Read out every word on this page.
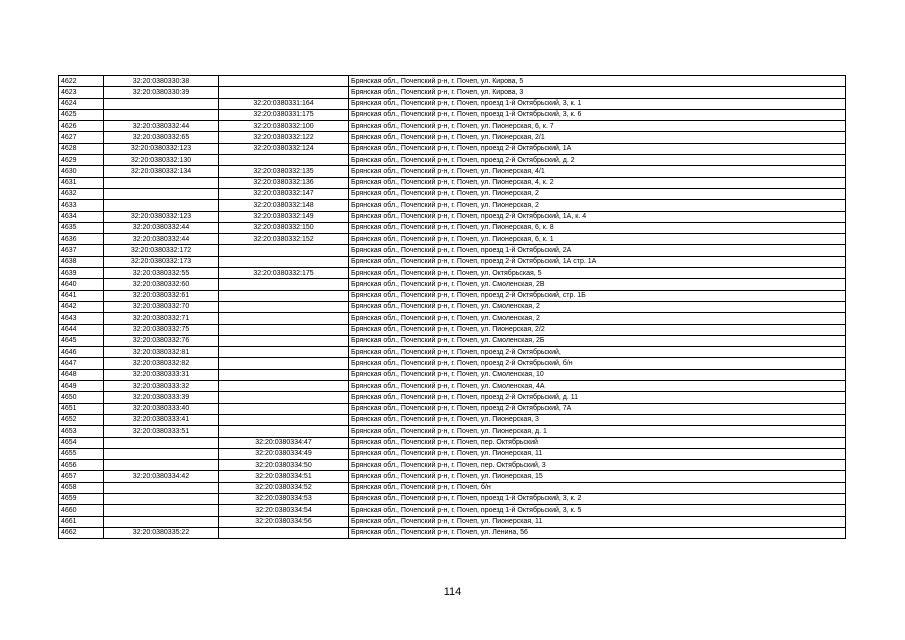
4622	32:20:0380330:38		Брянская обл., Почепский р-н, г. Почеп, ул. Кирова, 5
4623	32:20:0380330:39		Брянская обл., Почепский р-н, г. Почеп, ул. Кирова, 3
4624		32:20:0380331:164	Брянская обл., Почепский р-н, г. Почеп, проезд 1-й Октябрьский, 3, к. 1
4625		32:20:0380331:175	Брянская обл., Почепский р-н, г. Почеп, проезд 1-й Октябрьский, 3, к. 6
4626	32:20:0380332:44	32:20:0380332:100	Брянская обл., Почепский р-н, г. Почеп, ул. Пионерская, 6, к. 7
4627	32:20:0380332:65	32:20:0380332:122	Брянская обл., Почепский р-н, г. Почеп, ул. Пионерская, 2/1
4628	32:20:0380332:123	32:20:0380332:124	Брянская обл., Почепский р-н, г. Почеп, проезд 2-й Октябрьский, 1А
4629	32:20:0380332:130		Брянская обл., Почепский р-н, г. Почеп, проезд 2-й Октябрьский, д. 2
4630	32:20:0380332:134	32:20:0380332:135	Брянская обл., Почепский р-н, г. Почеп, ул. Пионерская, 4/1
4631		32:20:0380332:136	Брянская обл., Почепский р-н, г. Почеп, ул. Пионерская, 4, к. 2
4632		32:20:0380332:147	Брянская обл., Почепский р-н, г. Почеп, ул. Пионерская, 2
4633		32:20:0380332:148	Брянская обл., Почепский р-н, г. Почеп, ул. Пионерская, 2
4634	32:20:0380332:123	32:20:0380332:149	Брянская обл., Почепский р-н, г. Почеп, проезд 2-й Октябрьский, 1А, к. 4
4635	32:20:0380332:44	32:20:0380332:150	Брянская обл., Почепский р-н, г. Почеп, ул. Пионерская, 6, к. 8
4636	32:20:0380332:44	32:20:0380332:152	Брянская обл., Почепский р-н, г. Почеп, ул. Пионерская, 6, к. 1
4637	32:20:0380332:172		Брянская обл., Почепский р-н, г. Почеп, проезд 1-й Октябрьский, 2А
4638	32:20:0380332:173		Брянская обл., Почепский р-н, г. Почеп, проезд 2-й Октябрьский, 1А стр. 1А
4639	32:20:0380332:55	32:20:0380332:175	Брянская обл., Почепский р-н, г. Почеп, ул. Октябрьская, 5
4640	32:20:0380332:60		Брянская обл., Почепский р-н, г. Почеп, ул. Смоленская, 2В
4641	32:20:0380332:61		Брянская обл., Почепский р-н, г. Почеп, проезд 2-й Октябрьский, стр. 1Б
4642	32:20:0380332:70		Брянская обл., Почепский р-н, г. Почеп, ул. Смоленская, 2
4643	32:20:0380332:71		Брянская обл., Почепский р-н, г. Почеп, ул. Смоленская, 2
4644	32:20:0380332:75		Брянская обл., Почепский р-н, г. Почеп, ул. Пионерская, 2/2
4645	32:20:0380332:76		Брянская обл., Почепский р-н, г. Почеп, ул. Смоленская, 2Б
4646	32:20:0380332:81		Брянская обл., Почепский р-н, г. Почеп, проезд 2-й Октябрьский,
4647	32:20:0380332:82		Брянская обл., Почепский р-н, г. Почеп, проезд 2-й Октябрьский, б/н
4648	32:20:0380333:31		Брянская обл., Почепский р-н, г. Почеп, ул. Смоленская, 10
4649	32:20:0380333:32		Брянская обл., Почепский р-н, г. Почеп, ул. Смоленская, 4А
4650	32:20:0380333:39		Брянская обл., Почепский р-н, г. Почеп, проезд 2-й Октябрьский, д. 11
4651	32:20:0380333:40		Брянская обл., Почепский р-н, г. Почеп, проезд 2-й Октябрьский, 7А
4652	32:20:0380333:41		Брянская обл., Почепский р-н, г. Почеп, ул. Пионерская, 3
4653	32:20:0380333:51		Брянская обл., Почепский р-н, г. Почеп, ул. Пионерская, д. 1
4654		32:20:0380334:47	Брянская обл., Почепский р-н, г. Почеп, пер. Октябрьский
4655		32:20:0380334:49	Брянская обл., Почепский р-н, г. Почеп, ул. Пионерская, 11
4656		32:20:0380334:50	Брянская обл., Почепский р-н, г. Почеп, пер. Октябрьский, 3
4657	32:20:0380334:42	32:20:0380334:51	Брянская обл., Почепский р-н, г. Почеп, ул. Пионерская, 15
4658		32:20:0380334:52	Брянская обл., Почепский р-н, г. Почеп, б/н
4659		32:20:0380334:53	Брянская обл., Почепский р-н, г. Почеп, проезд 1-й Октябрьский, 3, к. 2
4660		32:20:0380334:54	Брянская обл., Почепский р-н, г. Почеп, проезд 1-й Октябрьский, 3, к. 5
4661		32:20:0380334:56	Брянская обл., Почепский р-н, г. Почеп, ул. Пионерская, 11
4662	32:20:0380335:22		Брянская обл., Почепский р-н, г. Почеп, ул. Ленина, 56
114
